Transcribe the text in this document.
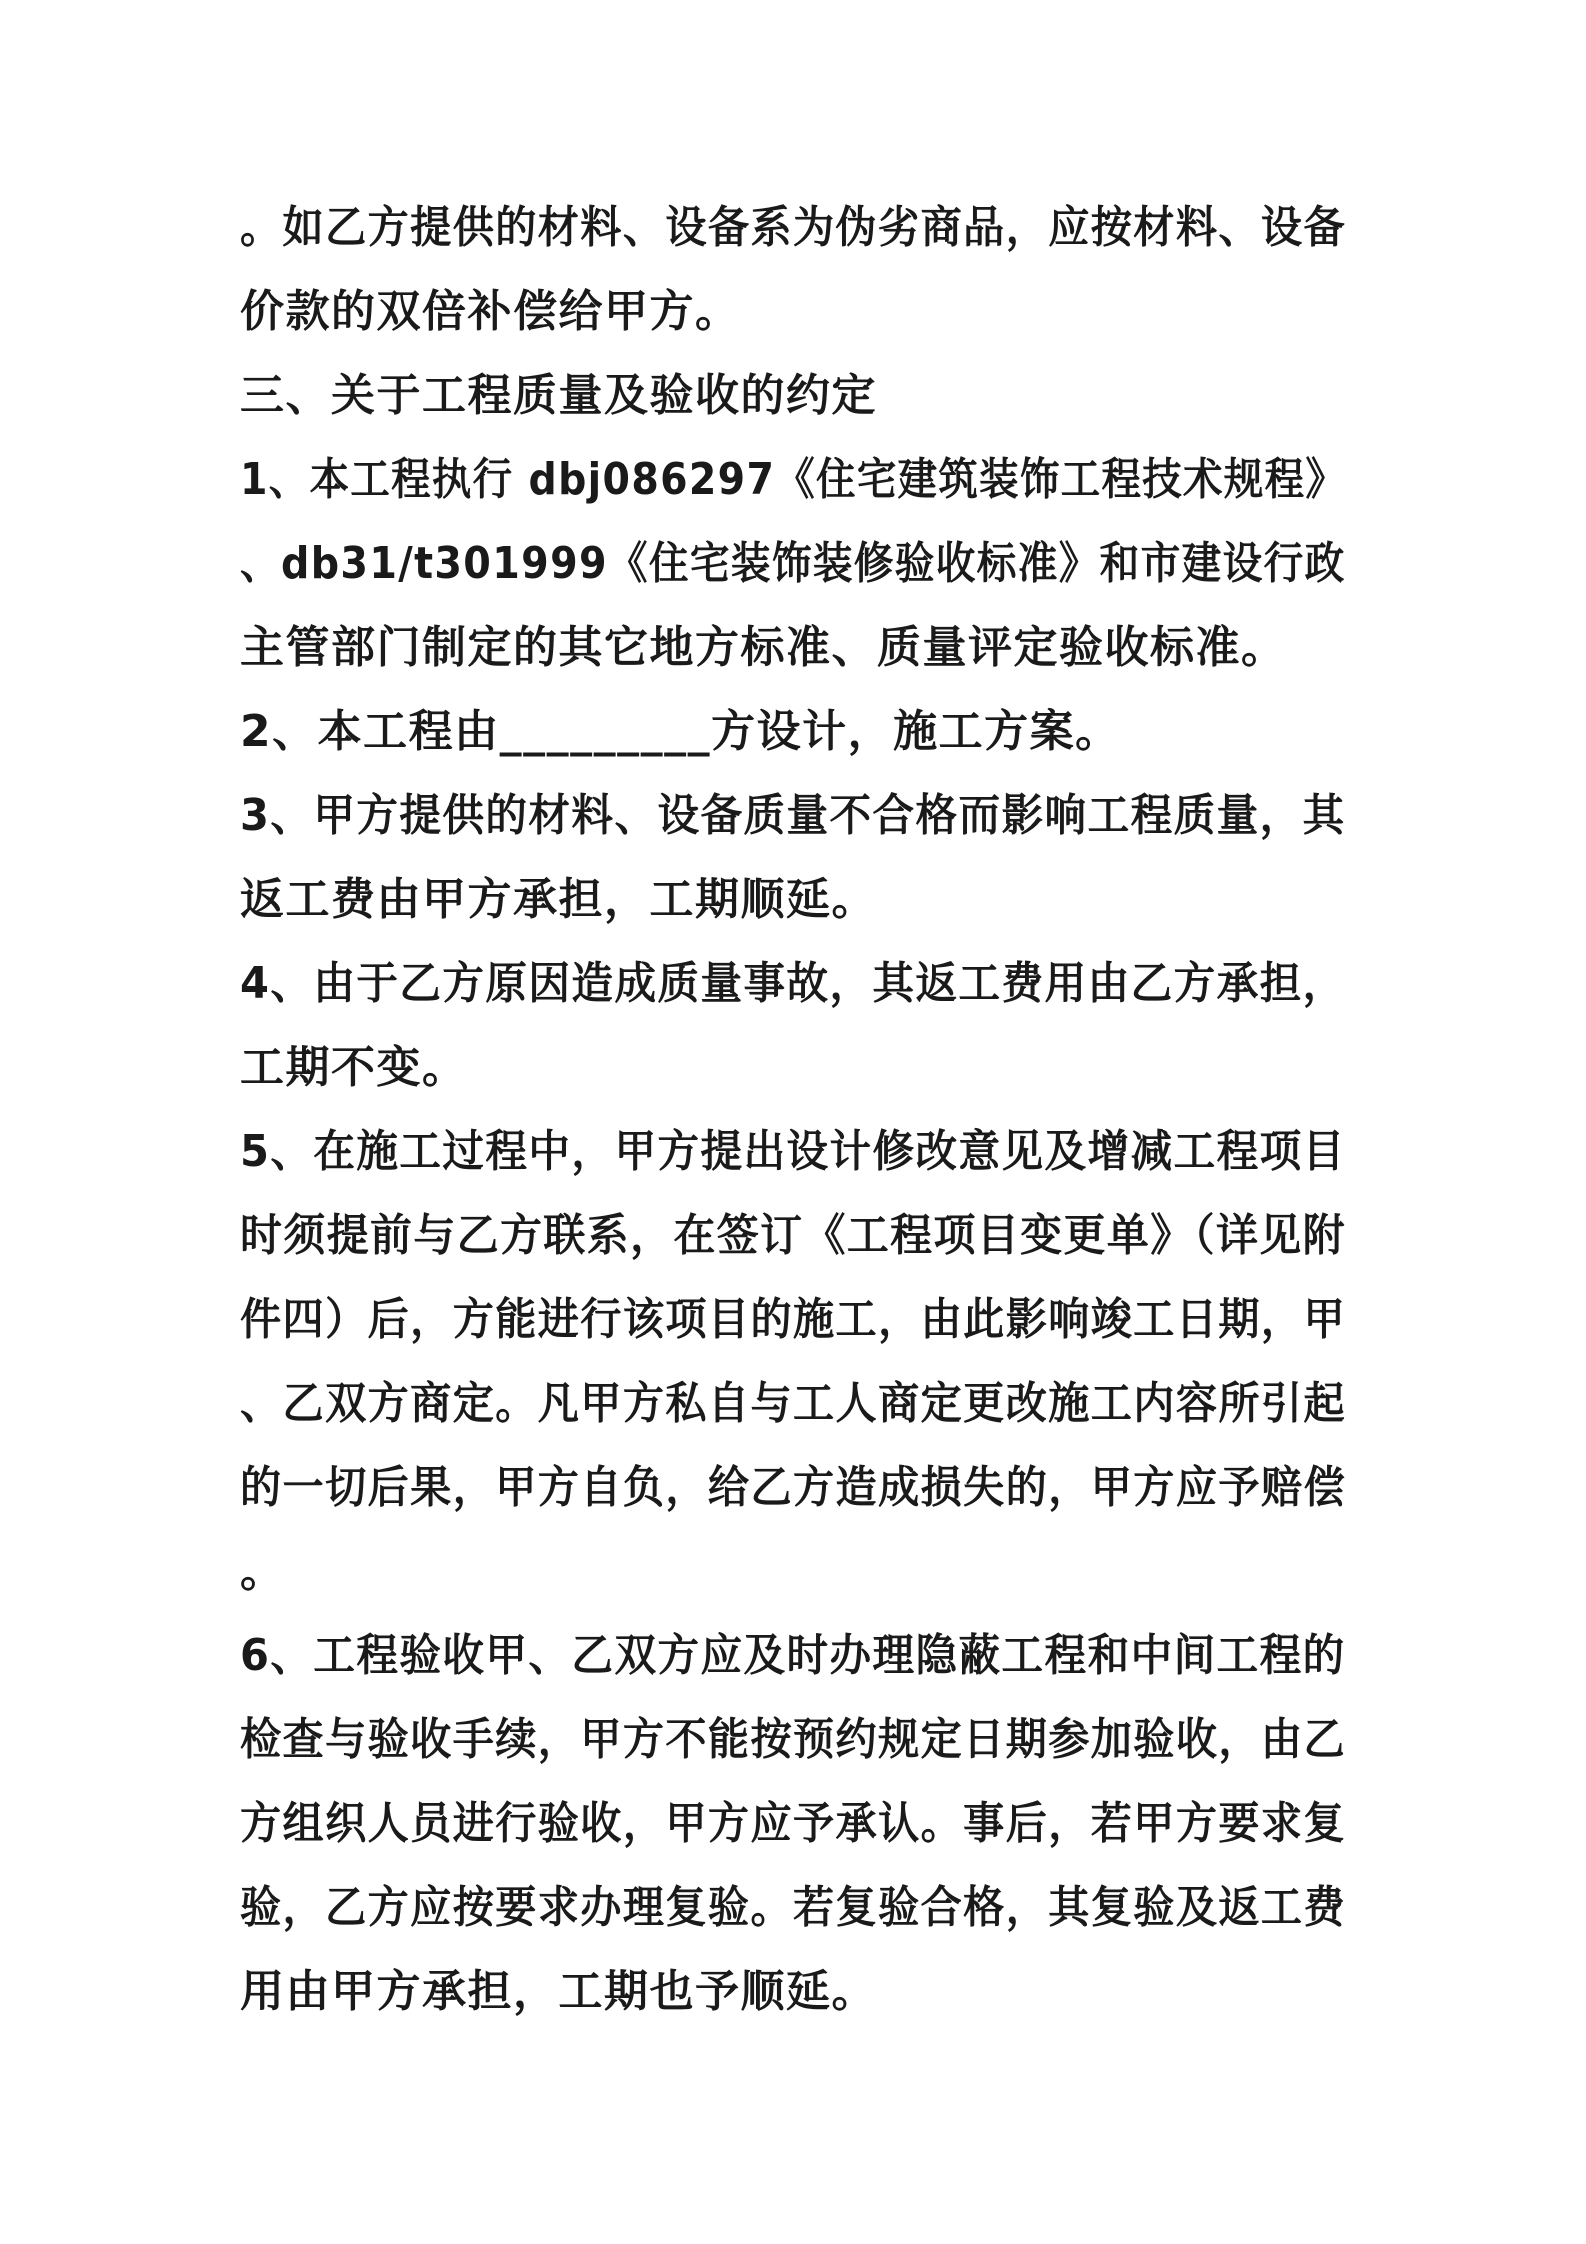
。如乙方提供的材料、设备系为伪劣商品，应按材料、设备
价款的双倍补偿给甲方。
三、关于工程质量及验收的约定
1、本工程执行 dbj086297《住宅建筑装饰工程技术规程》
、db31/t301999《住宅装饰装修验收标准》和市建设行政
主管部门制定的其它地方标准、质量评定验收标准。
2、本工程由_________方设计，施工方案。
3、甲方提供的材料、设备质量不合格而影响工程质量，其
返工费由甲方承担，工期顺延。
4、由于乙方原因造成质量事故，其返工费用由乙方承担，
工期不变。
5、在施工过程中，甲方提出设计修改意见及增减工程项目
时须提前与乙方联系，在签订《工程项目变更单》（详见附
件四）后，方能进行该项目的施工，由此影响竣工日期，甲
、乙双方商定。凡甲方私自与工人商定更改施工内容所引起
的一切后果，甲方自负，给乙方造成损失的，甲方应予赔偿
。
6、工程验收甲、乙双方应及时办理隐蔽工程和中间工程的
检查与验收手续，甲方不能按预约规定日期参加验收，由乙
方组织人员进行验收，甲方应予承认。事后，若甲方要求复
验，乙方应按要求办理复验。若复验合格，其复验及返工费
用由甲方承担，工期也予顺延。
